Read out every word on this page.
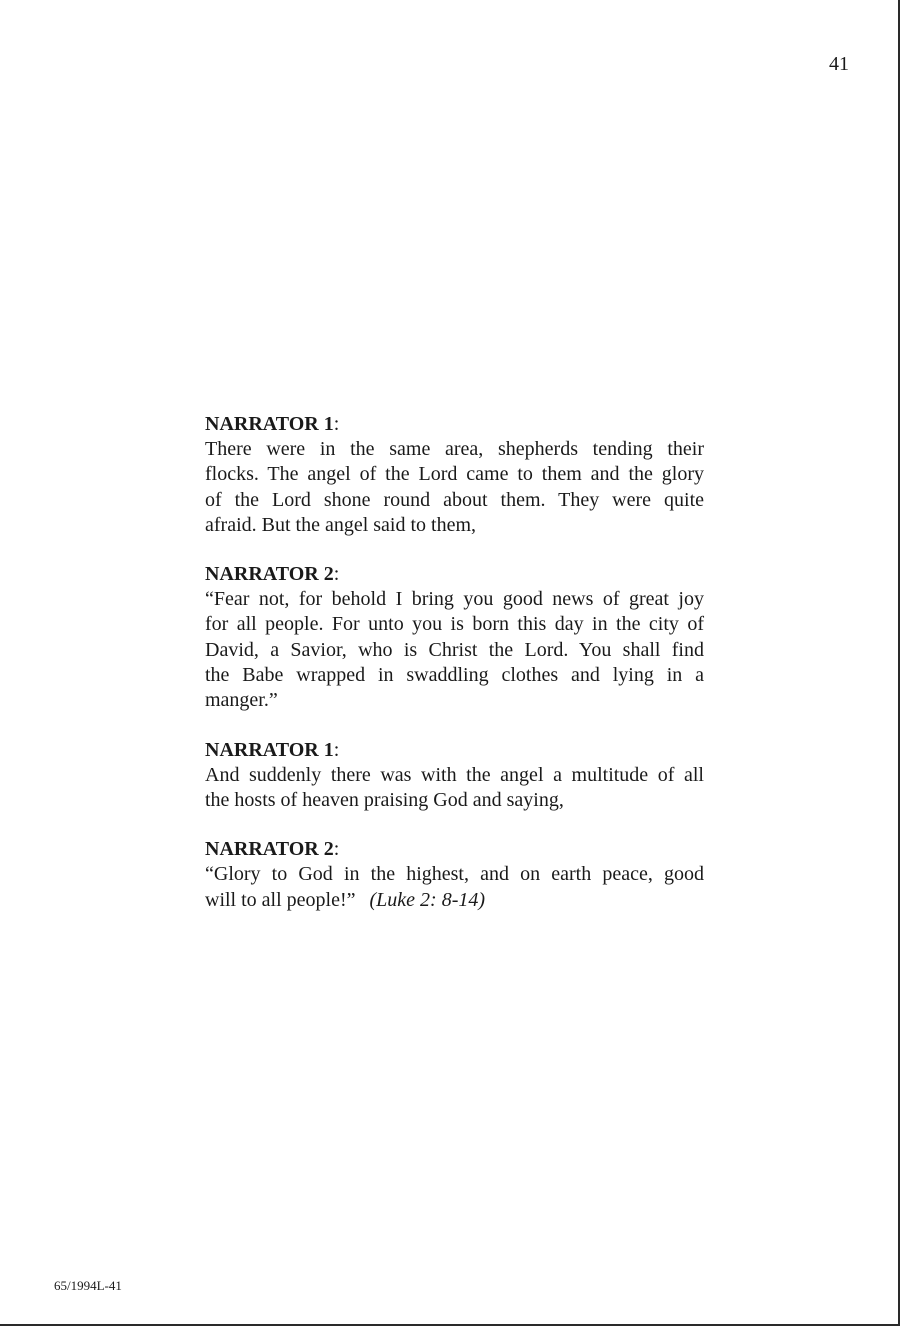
41
NARRATOR 1:
There were in the same area, shepherds tending their
flocks. The angel of the Lord came to them and the glory
of the Lord shone round about them. They were quite
afraid. But the angel said to them,
NARRATOR 2:
“Fear not, for behold I bring you good news of great joy
for all people. For unto you is born this day in the city of
David, a Savior, who is Christ the Lord. You shall find
the Babe wrapped in swaddling clothes and lying in a
manger.”
NARRATOR 1:
And suddenly there was with the angel a multitude of all
the hosts of heaven praising God and saying,
NARRATOR 2:
“Glory to God in the highest, and on earth peace, good
will to all people!” (Luke 2: 8-14)
65/1994L-41
